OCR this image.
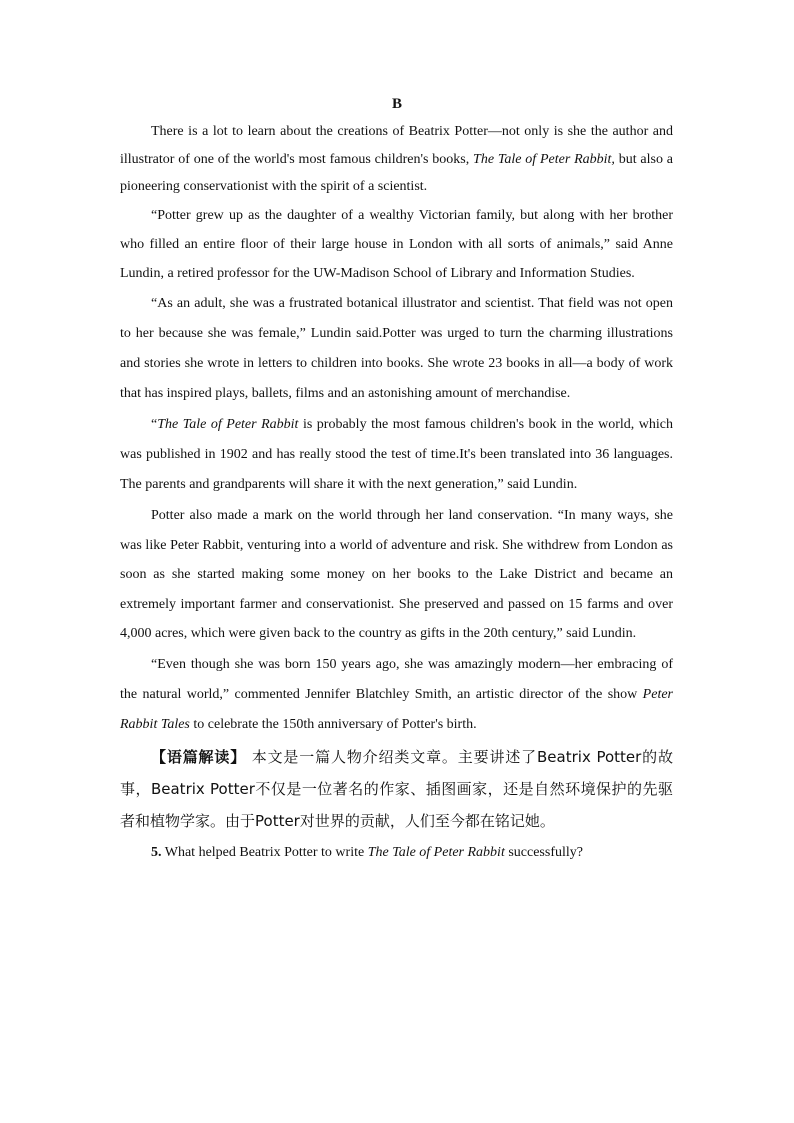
B

There is a lot to learn about the creations of Beatrix Potter—not only is she the author and illustrator of one of the world's most famous children's books, The Tale of Peter Rabbit, but also a pioneering conservationist with the spirit of a scientist.

“Potter grew up as the daughter of a wealthy Victorian family, but along with her brother who filled an entire floor of their large house in London with all sorts of animals,” said Anne Lundin, a retired professor for the UW-Madison School of Library and Information Studies.

“As an adult, she was a frustrated botanical illustrator and scientist. That field was not open to her because she was female,” Lundin said.Potter was urged to turn the charming illustrations and stories she wrote in letters to children into books. She wrote 23 books in all—a body of work that has inspired plays, ballets, films and an astonishing amount of merchandise.

“The Tale of Peter Rabbit is probably the most famous children's book in the world, which was published in 1902 and has really stood the test of time.It's been translated into 36 languages. The parents and grandparents will share it with the next generation,” said Lundin.

Potter also made a mark on the world through her land conservation. “In many ways, she was like Peter Rabbit, venturing into a world of adventure and risk. She withdrew from London as soon as she started making some money on her books to the Lake District and became an extremely important farmer and conservationist. She preserved and passed on 15 farms and over 4,000 acres, which were given back to the country as gifts in the 20th century,” said Lundin.

“Even though she was born 150 years ago, she was amazingly modern—her embracing of the natural world,” commented Jennifer Blatchley Smith, an artistic director of the show Peter Rabbit Tales to celebrate the 150th anniversary of Potter's birth.

【语篇解读】 本文是一篇人物介绍类文章。主要讲述了Beatrix Potter的故事，Beatrix Potter不仅是一位著名的作家、插图画家，还是自然环境保护的先驱者和植物学家。由于Potter对世界的贡献，人们至今都在铭记她。

5. What helped Beatrix Potter to write The Tale of Peter Rabbit successfully?
